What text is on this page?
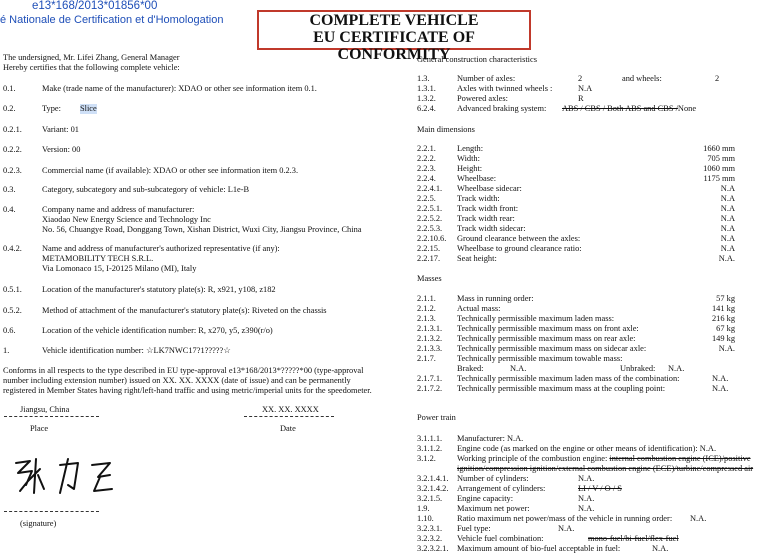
e13*168/2013*01856*00
é Nationale de Certification et d'Homologation	COMPLETE VEHICLE
EU CERTIFICATE OF CONFORMITY
The undersigned, Mr. Lifei Zhang, General Manager
Hereby certifies that the following complete vehicle:
0.1.	Make (trade name of the manufacturer): XDAO or other see information item 0.1.
0.2.	Type: Slice
0.2.1. Variant: 01
0.2.2. Version: 00
0.2.3. Commercial name (if available): XDAO or other see information item 0.2.3.
0.3.	Category, subcategory and sub-subcategory of vehicle: L1e-B
0.4.	Company name and address of manufacturer:
Xiaodao New Energy Science and Technology Inc
No. 56, Chuangye Road, Donggang Town, Xishan District, Wuxi City, Jiangsu Province, China
0.4.2. Name and address of manufacturer's authorized representative (if any):
METAMOBILITY TECH S.R.L.
Via Lomonaco 15, I-20125 Milano (MI), Italy
0.5.1. Location of the manufacturer's statutory plate(s): R, x921, y108, z182
0.5.2. Method of attachment of the manufacturer's statutory plate(s): Riveted on the chassis
0.6.	Location of the vehicle identification number: R, x270, y5, z390(r/o)
1.	Vehicle identification number: ☆LK7NWC17?1?????☆
Conforms in all respects to the type described in EU type-approval e13*168/2013*?????*00 (type-approval
number including extension number) issued on XX. XX. XXXX (date of issue) and can be permanently
registered in Member States having right/left-hand traffic and using metric/imperial units for the speedometer.
Jiangsu, China
Place
XX. XX. XXXX
Date
(signature)
General construction characteristics
1.3.	Number of axles:	2	and wheels:	2
1.3.1.	Axles with twinned wheels :	N.A
1.3.2.	Powered axles:	R
6.2.4.	Advanced braking system: ABS / CBS / Both ABS and CBS /None
Main dimensions
2.2.1.	Length:	1660 mm
2.2.2.	Width:	705 mm
2.2.3.	Height:	1060 mm
2.2.4.	Wheelbase:	1175 mm
2.2.4.1. Wheelbase sidecar:	N.A
2.2.5.	Track width:	N.A
2.2.5.1. Track width front:	N.A
2.2.5.2. Track width rear:	N.A
2.2.5.3. Track width sidecar:	N.A
2.2.10.6. Ground clearance between the axles:	N.A
2.2.15. Wheelbase to ground clearance ratio:	N.A
2.2.17. Seat height:	N.A.
Masses
2.1.1.	Mass in running order:	57 kg
2.1.2.	Actual mass:	141 kg
2.1.3.	Technically permissible maximum laden mass:	216 kg
2.1.3.1. Technically permissible maximum mass on front axle:	67 kg
2.1.3.2. Technically permissible maximum mass on rear axle:	149 kg
2.1.3.3. Technically permissible maximum mass on sidecar axle:	N.A.
2.1.7.	Technically permissible maximum towable mass:
Braked:	N.A.	Unbraked: N.A.
2.1.7.1. Technically permissible maximum laden mass of the combination:	N.A.
2.1.7.2. Technically permissible maximum mass at the coupling point:	N.A.
Power train
3.1.1.1. Manufacturer: N.A.
3.1.1.2. Engine code (as marked on the engine or other means of identification): N.A.
3.1.2.	Working principle of the combustion engine: internal combustion engine (ICE)/positive
ignition/compression ignition/external combustion engine (ECE)/turbine/compressed air
3.2.1.4.1. Number of cylinders:	N.A.
3.2.1.4.2. Arrangement of cylinders:	LI / V / O / S
3.2.1.5. Engine capacity:	N.A.
1.9.	Maximum net power:	N.A.
1.10.	Ratio maximum net power/mass of the vehicle in running order: N.A.
3.2.3.1. Fuel type:	N.A.
3.2.3.2. Vehicle fuel combination:	mono-fuel/bi-fuel/flex-fuel
3.2.3.2.1. Maximum amount of bio-fuel acceptable in fuel:	N.A.
